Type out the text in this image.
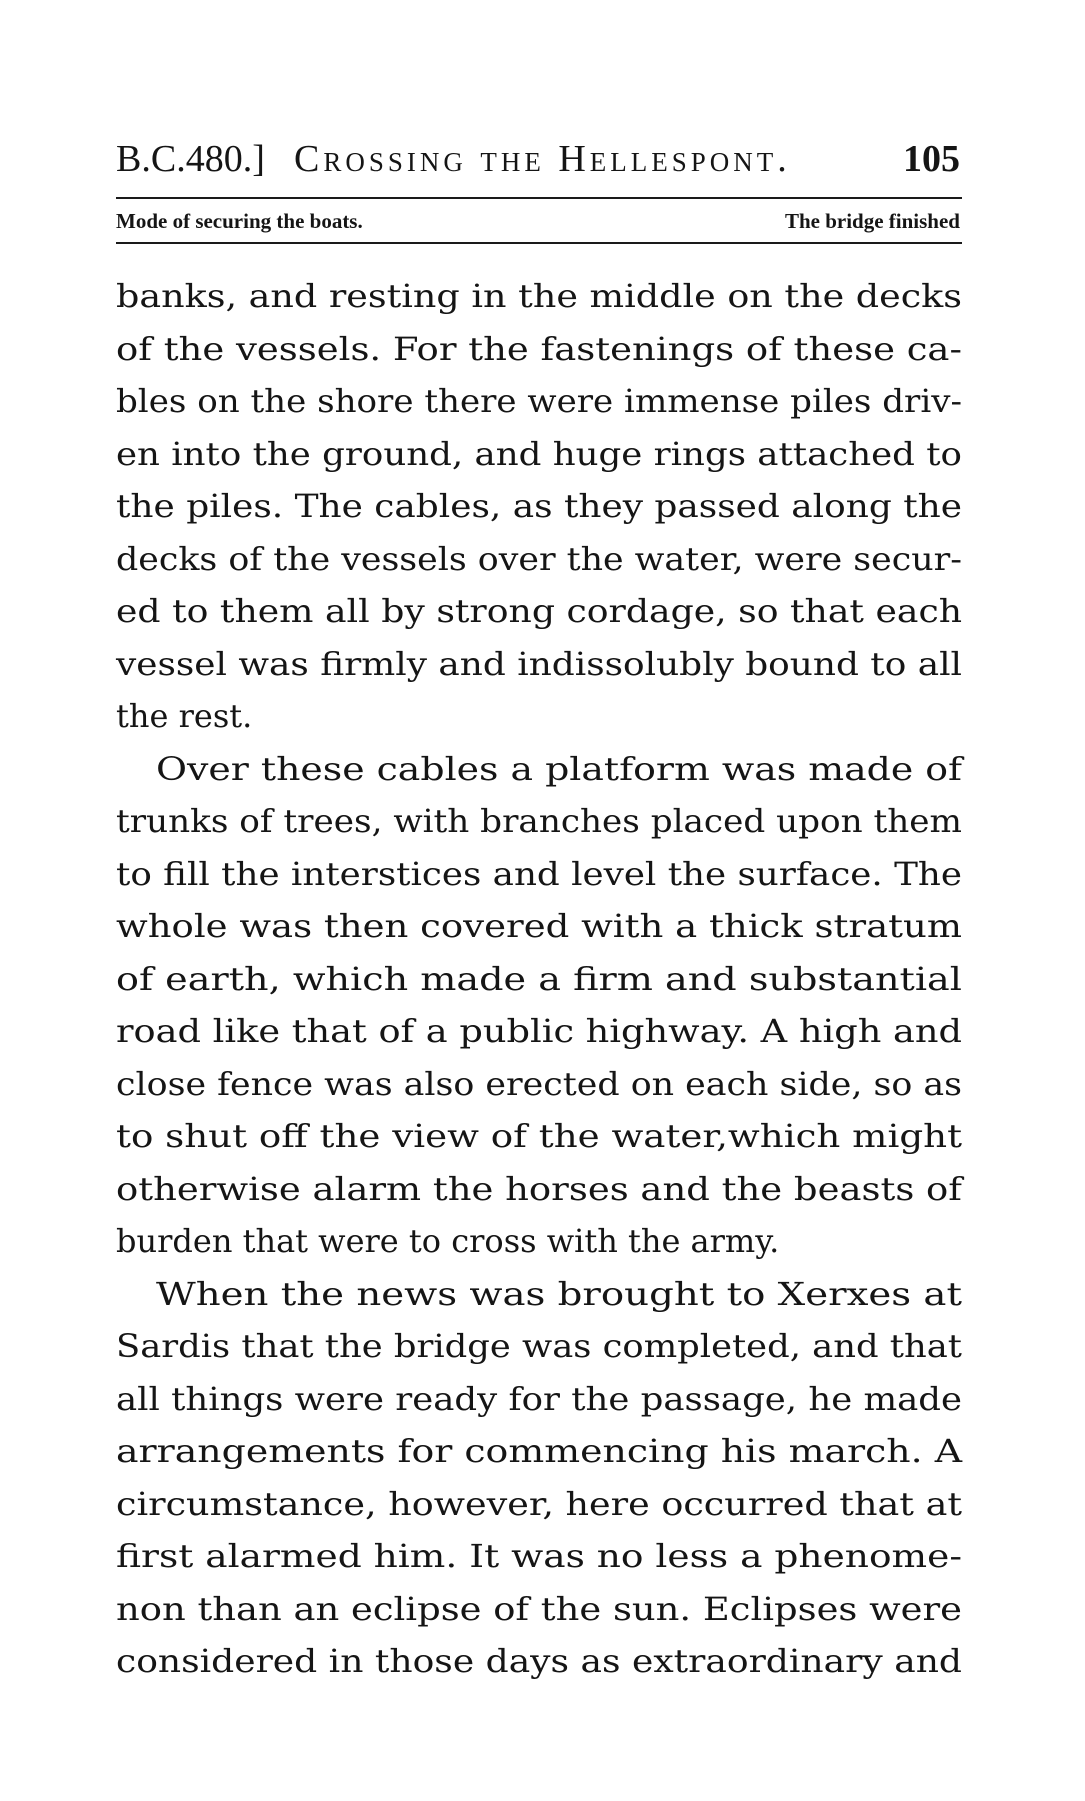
B.C.480.] Crossing the Hellespont.	105
Mode of securing the boats.	The bridge finished
banks, and resting in the middle on the decks
of the vessels. For the fastenings of these ca-
bles on the shore there were immense piles driv-
en into the ground, and huge rings attached to
the piles. The cables, as they passed along the
decks of the vessels over the water, were secur-
ed to them all by strong cordage, so that each
vessel was firmly and indissolubly bound to all
the rest.
Over these cables a platform was made of
trunks of trees, with branches placed upon them
to fill the interstices and level the surface. The
whole was then covered with a thick stratum
of earth, which made a firm and substantial
road like that of a public highway. A high and
close fence was also erected on each side, so as
to shut off the view of the water,which might
otherwise alarm the horses and the beasts of
burden that were to cross with the army.
When the news was brought to Xerxes at
Sardis that the bridge was completed, and that
all things were ready for the passage, he made
arrangements for commencing his march. A
circumstance, however, here occurred that at
first alarmed him. It was no less a phenome-
non than an eclipse of the sun. Eclipses were
considered in those days as extraordinary and
